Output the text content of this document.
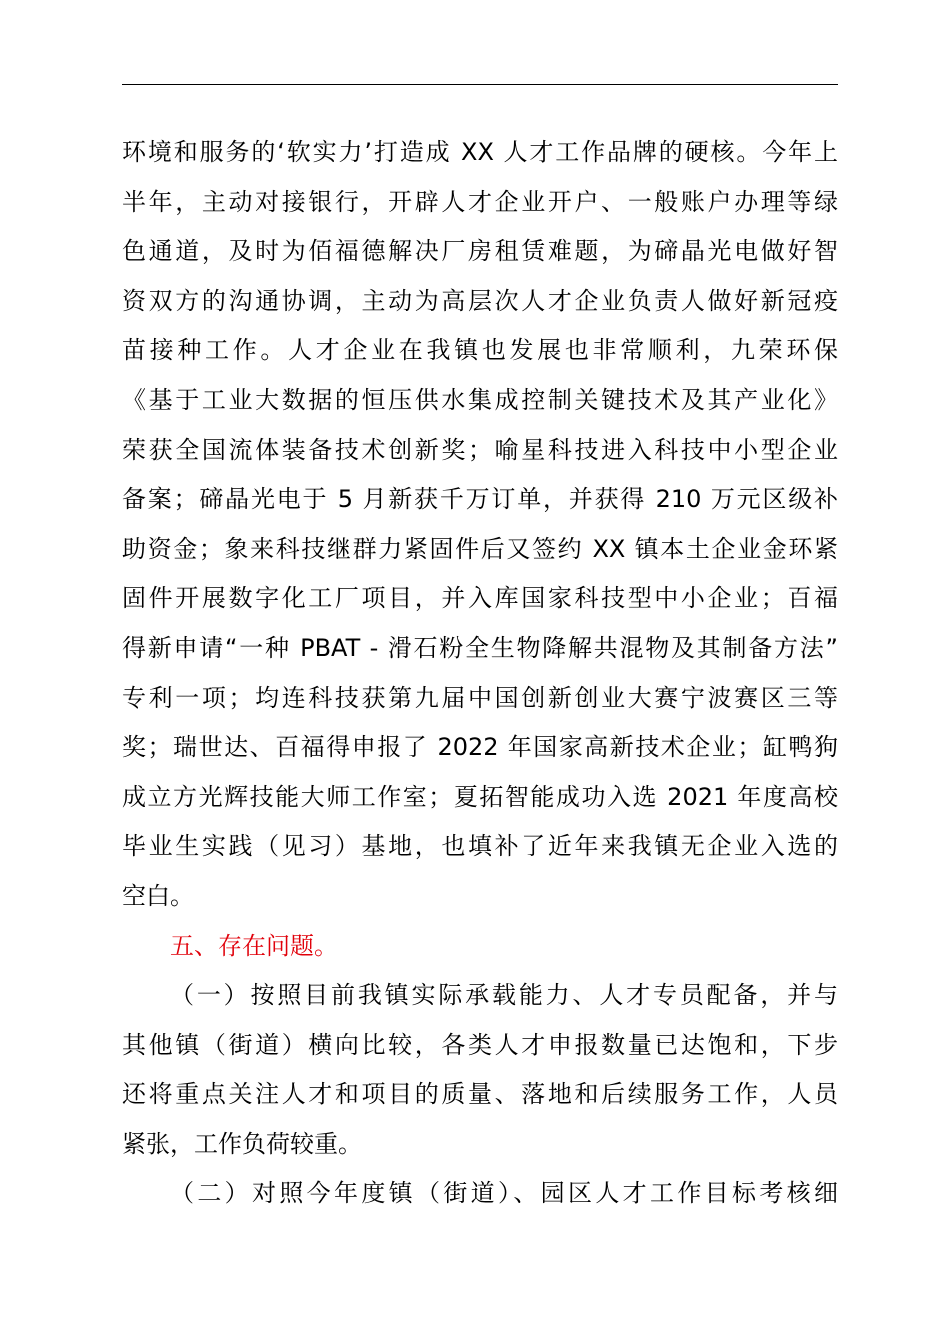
环境和服务的‘软实力’打造成 XX 人才工作品牌的硬核。今年上
半年，主动对接银行，开辟人才企业开户、一般账户办理等绿
色通道，及时为佰福德解决厂房租赁难题，为碲晶光电做好智
资双方的沟通协调，主动为高层次人才企业负责人做好新冠疫
苗接种工作。人才企业在我镇也发展也非常顺利，九荣环保
《基于工业大数据的恒压供水集成控制关键技术及其产业化》
荣获全国流体装备技术创新奖；喻星科技进入科技中小型企业
备案；碲晶光电于 5 月新获千万订单，并获得 210 万元区级补
助资金；象来科技继群力紧固件后又签约 XX 镇本土企业金环紧
固件开展数字化工厂项目，并入库国家科技型中小企业；百福
得新申请“一种 PBAT - 滑石粉全生物降解共混物及其制备方法”
专利一项；均连科技获第九届中国创新创业大赛宁波赛区三等
奖；瑞世达、百福得申报了 2022 年国家高新技术企业；缸鸭狗
成立方光辉技能大师工作室；夏拓智能成功入选 2021 年度高校
毕业生实践（见习）基地，也填补了近年来我镇无企业入选的
空白。
五、存在问题。
（一）按照目前我镇实际承载能力、人才专员配备，并与
其他镇（街道）横向比较，各类人才申报数量已达饱和，下步
还将重点关注人才和项目的质量、落地和后续服务工作，人员
紧张，工作负荷较重。
（二）对照今年度镇（街道）、园区人才工作目标考核细
